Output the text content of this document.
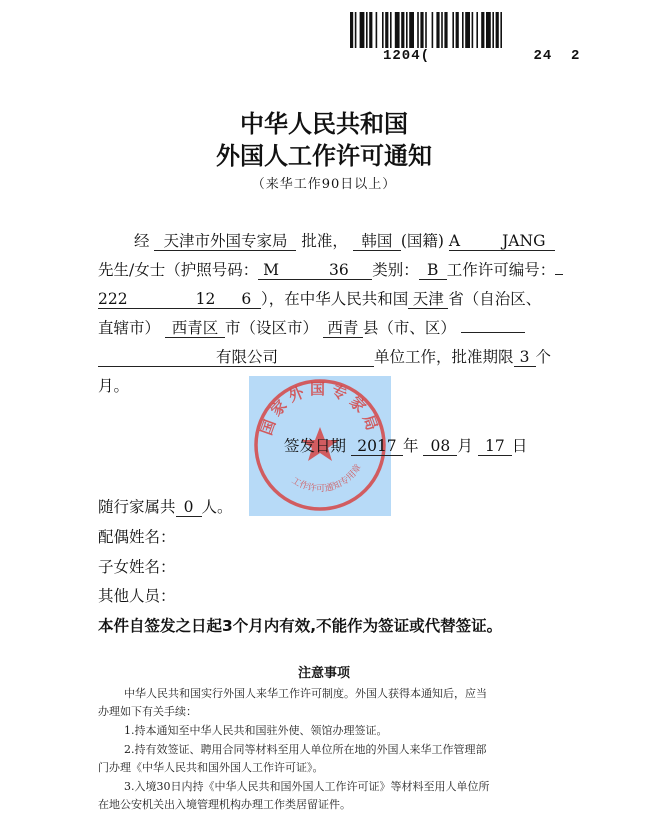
1204(	24  2
中华人民共和国
外国人工作许可通知
（来华工作90日以上）
经 天津市外国专家局 批准， 韩国 (国籍) A	JANG
先生/女士（护照号码： M	36 类别： B 工作许可编号：
222	12 6 ），在中华人民共和国 天津 省（自治区、
直辖市） 西青区 市（设区市） 西青 县（市、区）
有限公司	单位工作，批准期限 3 个
月。
国家外国专家局
工作许可通知专用章
签发日期 2017 年 08 月 17 日
随行家属共 0 人。
配偶姓名：
子女姓名：
其他人员：
本件自签发之日起3个月内有效,不能作为签证或代替签证。
注意事项
中华人民共和国实行外国人来华工作许可制度。外国人获得本通知后，应当
办理如下有关手续：
1.持本通知至中华人民共和国驻外使、领馆办理签证。
2.持有效签证、聘用合同等材料至用人单位所在地的外国人来华工作管理部
门办理《中华人民共和国外国人工作许可证》。
3.入境30日内持《中华人民共和国外国人工作许可证》等材料至用人单位所
在地公安机关出入境管理机构办理工作类居留证件。
